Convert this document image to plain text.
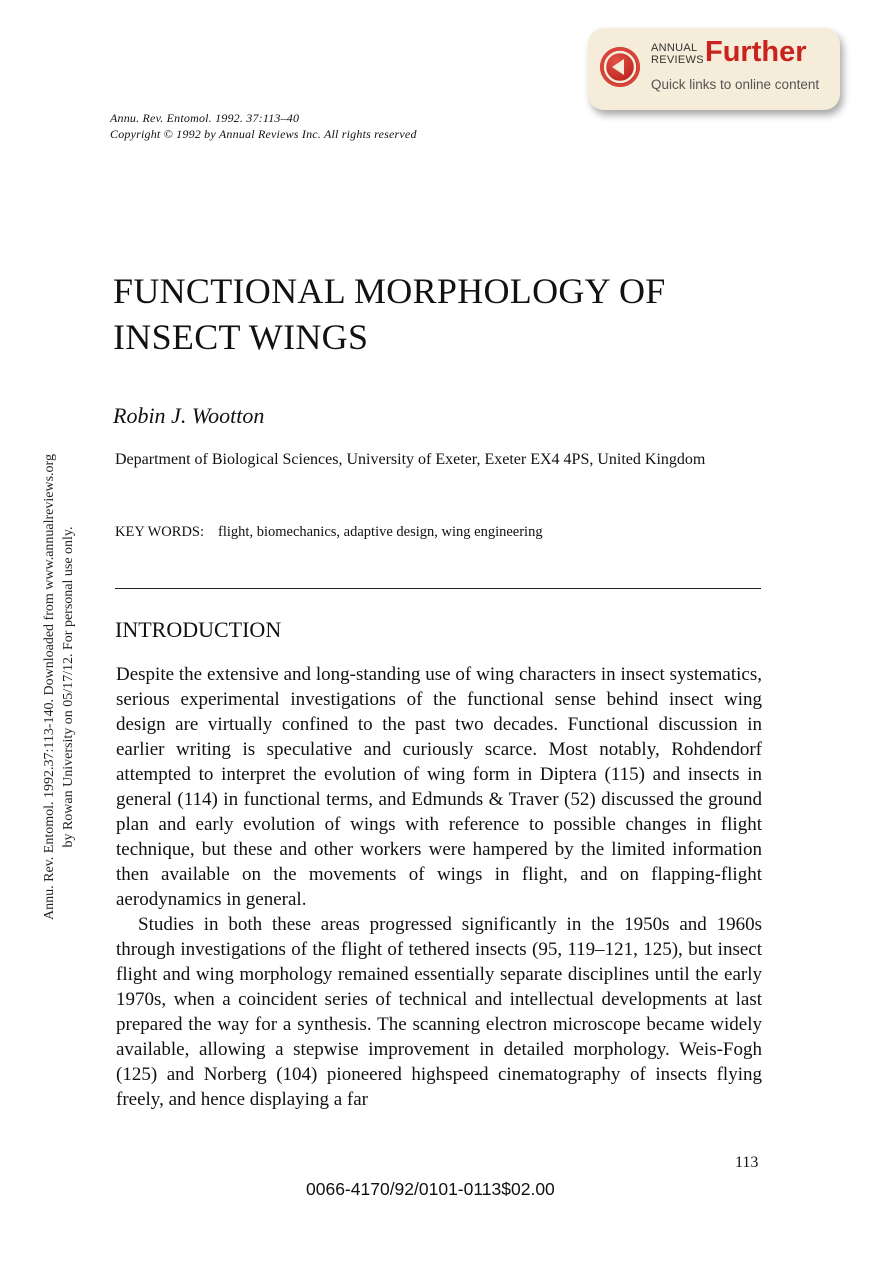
Annu. Rev. Entomol. 1992. 37:113–40
Copyright © 1992 by Annual Reviews Inc. All rights reserved
ANNUAL
REVIEWS Further
Quick links to online content
Annu. Rev. Entomol. 1992.37:113-140. Downloaded from www.annualreviews.org by Rowan University on 05/17/12. For personal use only.
FUNCTIONAL MORPHOLOGY OF
INSECT WINGS
Robin J. Wootton

Department of Biological Sciences, University of Exeter, Exeter EX4 4PS, United Kingdom

KEY WORDS: flight, biomechanics, adaptive design, wing engineering
INTRODUCTION

Despite the extensive and long-standing use of wing characters in insect systematics, serious experimental investigations of the functional sense behind insect wing design are virtually confined to the past two decades. Functional discussion in earlier writing is speculative and curiously scarce. Most notably, Rohdendorf attempted to interpret the evolution of wing form in Diptera (115) and insects in general (114) in functional terms, and Edmunds & Traver (52) discussed the ground plan and early evolution of wings with reference to possible changes in flight technique, but these and other workers were hampered by the limited information then available on the movements of wings in flight, and on flapping-flight aerodynamics in general.

Studies in both these areas progressed significantly in the 1950s and 1960s through investigations of the flight of tethered insects (95, 119–121, 125), but insect flight and wing morphology remained essentially separate disciplines until the early 1970s, when a coincident series of technical and intellectual developments at last prepared the way for a synthesis. The scanning electron microscope became widely available, allowing a stepwise improvement in detailed morphology. Weis-Fogh (125) and Norberg (104) pioneered highspeed cinematography of insects flying freely, and hence displaying a far

113
0066-4170/92/0101-0113$02.00
